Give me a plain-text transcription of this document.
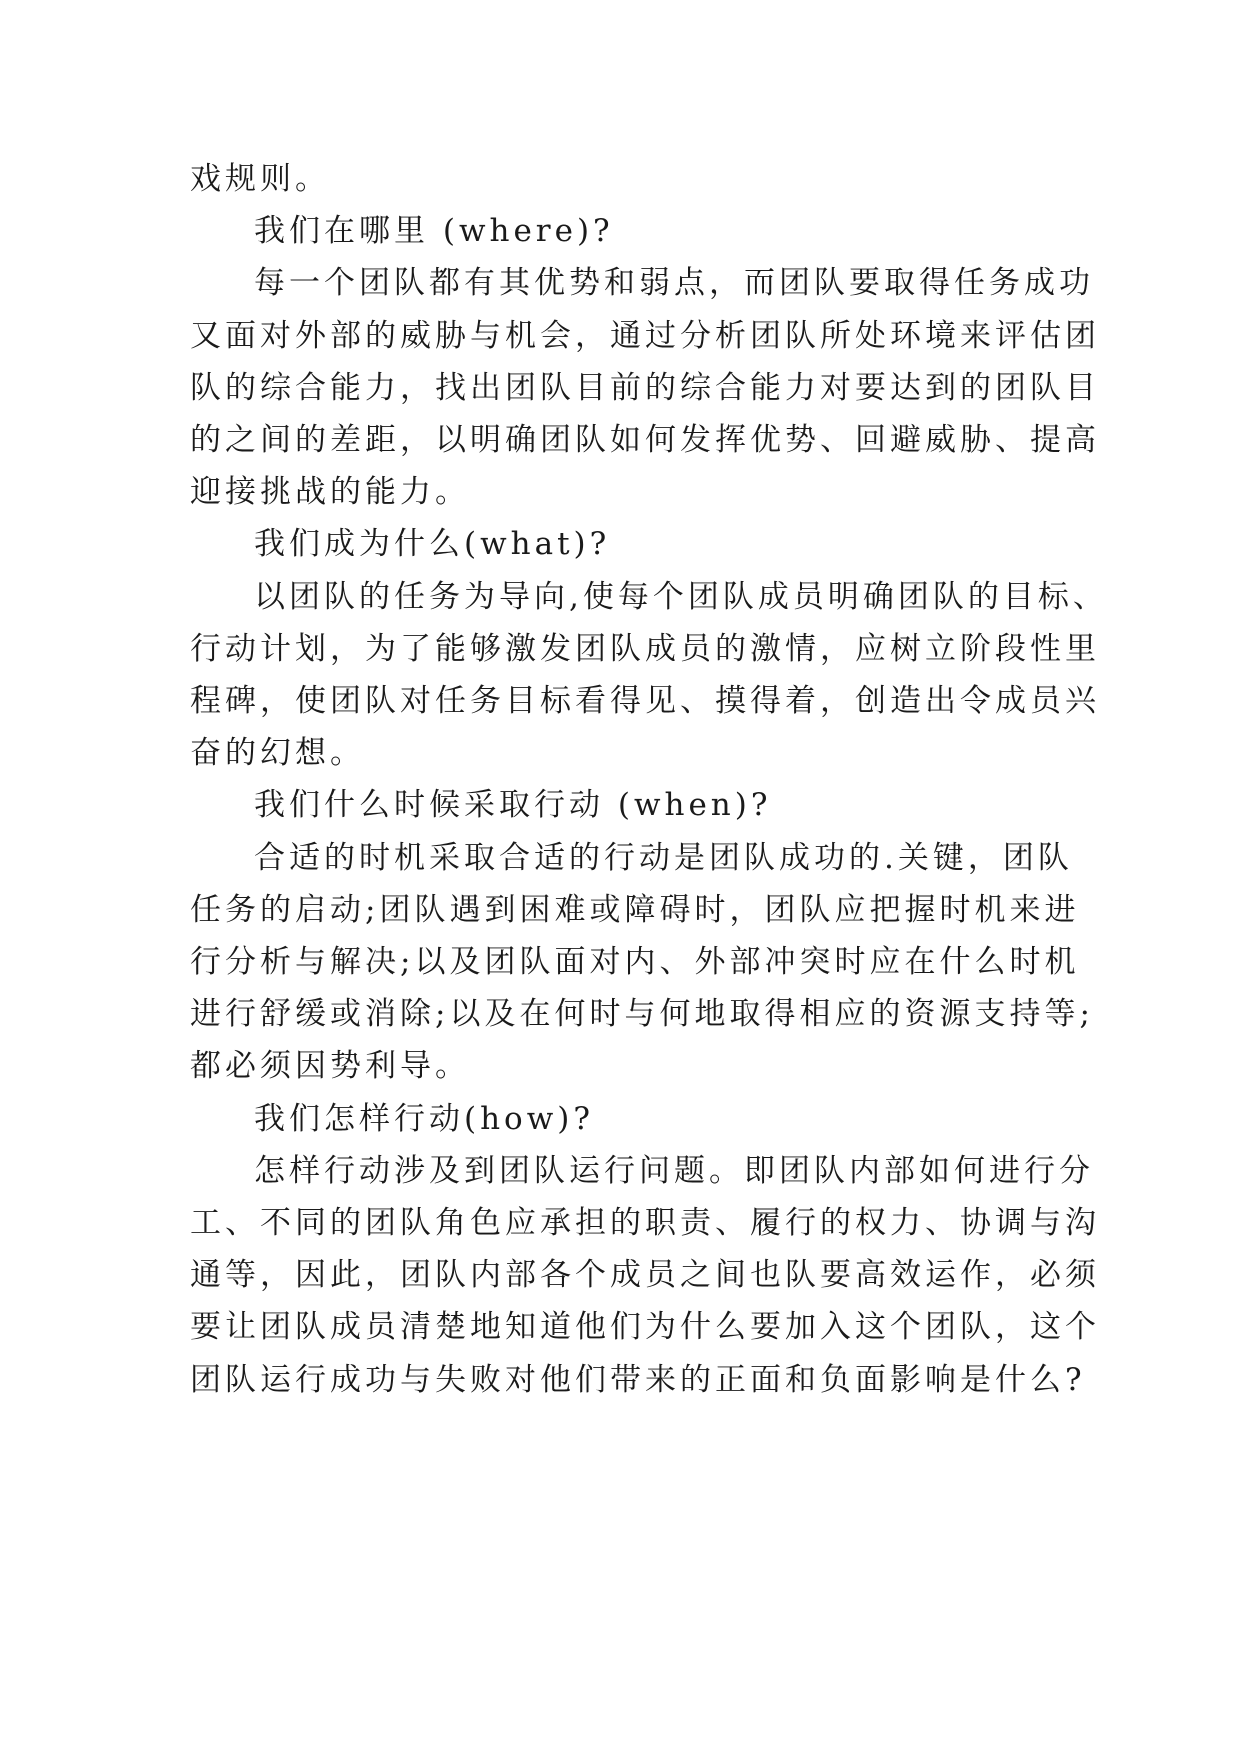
戏规则。
我们在哪里 (where)?
每一个团队都有其优势和弱点，而团队要取得任务成功
又面对外部的威胁与机会，通过分析团队所处环境来评估团
队的综合能力，找出团队目前的综合能力对要达到的团队目
的之间的差距，以明确团队如何发挥优势、回避威胁、提高
迎接挑战的能力。
我们成为什么(what)?
以团队的任务为导向,使每个团队成员明确团队的目标、
行动计划，为了能够激发团队成员的激情，应树立阶段性里
程碑，使团队对任务目标看得见、摸得着，创造出令成员兴
奋的幻想。
我们什么时候采取行动 (when)?
合适的时机采取合适的行动是团队成功的.关键，团队
任务的启动;团队遇到困难或障碍时，团队应把握时机来进
行分析与解决;以及团队面对内、外部冲突时应在什么时机
进行舒缓或消除;以及在何时与何地取得相应的资源支持等;
都必须因势利导。
我们怎样行动(how)?
怎样行动涉及到团队运行问题。即团队内部如何进行分
工、不同的团队角色应承担的职责、履行的权力、协调与沟
通等，因此，团队内部各个成员之间也队要高效运作，必须
要让团队成员清楚地知道他们为什么要加入这个团队，这个
团队运行成功与失败对他们带来的正面和负面影响是什么?
